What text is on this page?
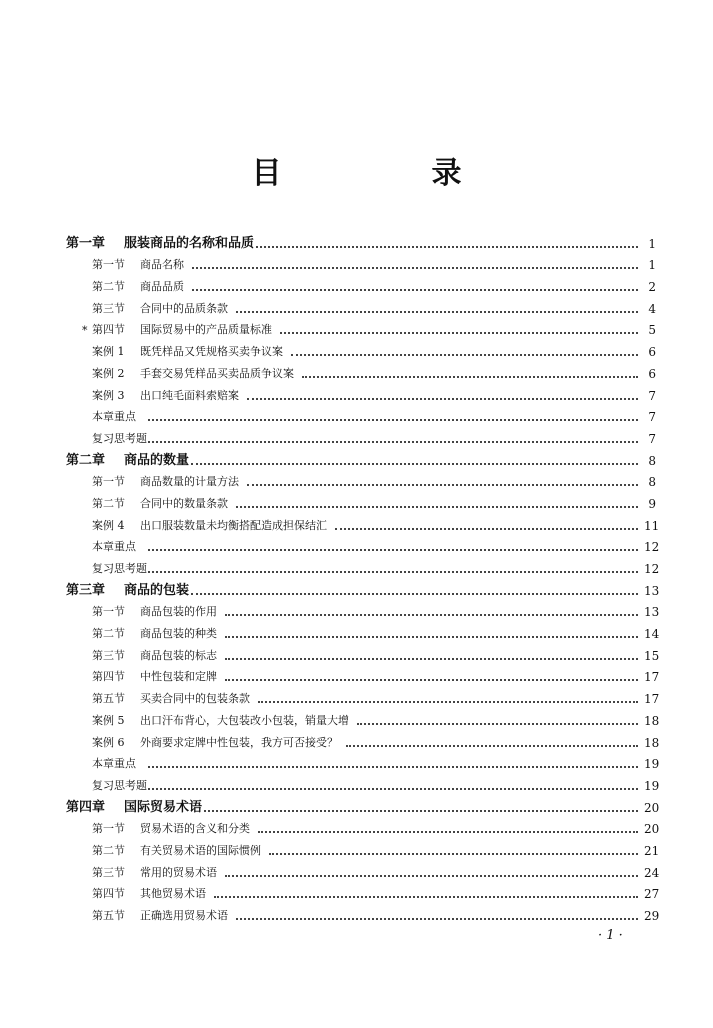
目　录
第一章	服装商品的名称和品质	1
第一节	商品名称	1
第二节	商品品质	2
第三节	合同中的品质条款	4
* 第四节	国际贸易中的产品质量标准	5
案例 1	既凭样品又凭规格买卖争议案	6
案例 2	手套交易凭样品买卖品质争议案	6
案例 3	出口纯毛面料索赔案	7
本章重点	7
复习思考题	7
第二章	商品的数量	8
第一节	商品数量的计量方法	8
第二节	合同中的数量条款	9
案例 4	出口服装数量未均衡搭配造成担保结汇	11
本章重点	12
复习思考题	12
第三章	商品的包装	13
第一节	商品包装的作用	13
第二节	商品包装的种类	14
第三节	商品包装的标志	15
第四节	中性包装和定牌	17
第五节	买卖合同中的包装条款	17
案例 5	出口汗布背心，大包装改小包装，销量大增	18
案例 6	外商要求定牌中性包装，我方可否接受？	18
本章重点	19
复习思考题	19
第四章	国际贸易术语	20
第一节	贸易术语的含义和分类	20
第二节	有关贸易术语的国际惯例	21
第三节	常用的贸易术语	24
第四节	其他贸易术语	27
第五节	正确选用贸易术语	29
· 1 ·
